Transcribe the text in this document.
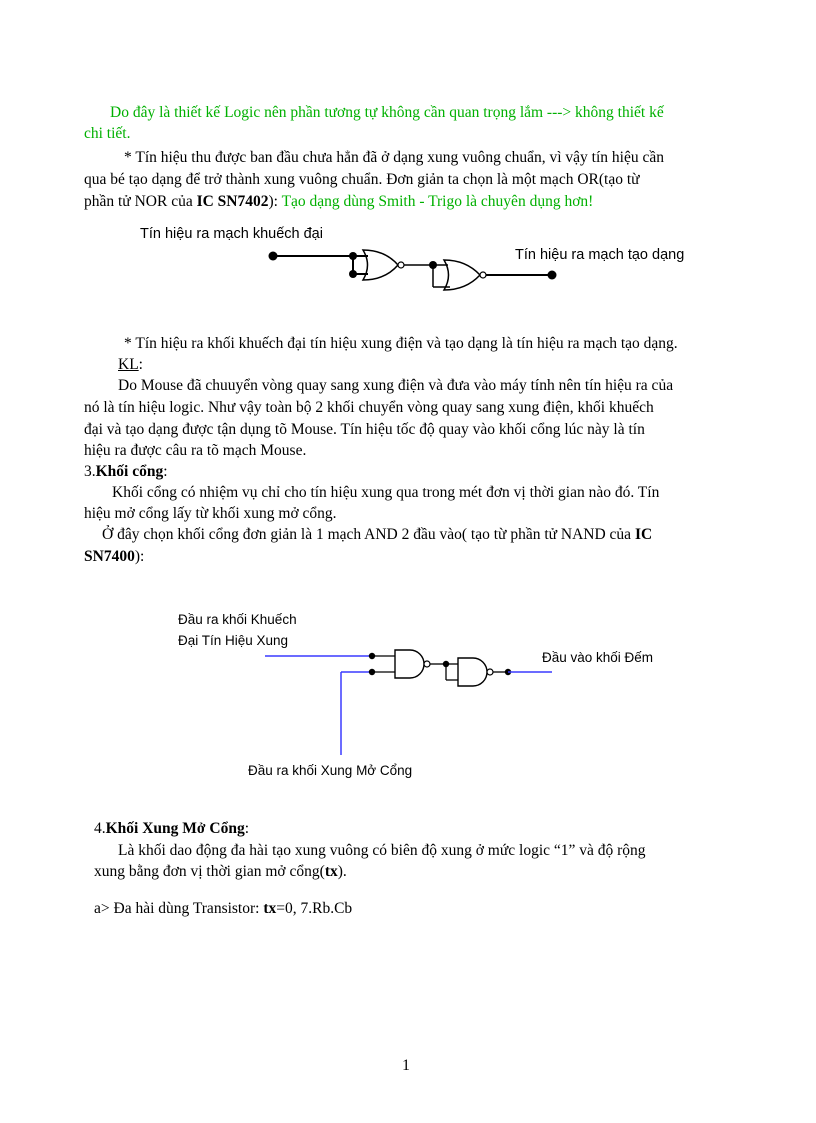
Do đây là thiết kế Logic nên phần tương tự không cần quan trọng lắm ---> không thiết kế
chi tiết.
* Tín hiệu thu được ban đầu chưa hẳn đã ở dạng xung vuông chuẩn, vì vậy tín hiệu cần
qua bé tạo dạng để trở thành xung vuông chuẩn. Đơn giản ta chọn là một mạch OR(tạo từ
phần tử NOR của IC SN7402): Tạo dạng dùng Smith - Trigo là chuyên dụng hơn!
Tín hiệu ra mạch khuếch đại
Tín hiệu ra mạch tạo dạng
* Tín hiệu ra khối khuếch đại tín hiệu xung điện và tạo dạng là tín hiệu ra mạch tạo dạng.
KL:
Do Mouse đã chuuyển vòng quay sang xung điện và đưa vào máy tính nên tín hiệu ra của
nó là tín hiệu logic. Như vậy toàn bộ 2 khối chuyển vòng quay sang xung điện, khối khuếch
đại và tạo dạng được tận dụng tõ Mouse. Tín hiệu tốc độ quay vào khối cổng lúc này là tín
hiệu ra được câu ra tõ mạch Mouse.
3.Khối cổng:
Khối cổng có nhiệm vụ chỉ cho tín hiệu xung qua trong mét đơn vị thời gian nào đó. Tín
hiệu mở cổng lấy từ khối xung mở cổng.
Ở đây chọn khối cổng đơn giản là 1 mạch AND 2 đầu vào( tạo từ phần tử NAND của IC
SN7400):
Đầu ra khối Khuếch
Đại Tín Hiệu Xung
Đầu vào khối Đếm
Đầu ra khối Xung Mở Cổng
4.Khối Xung Mở Cổng:
Là khối dao động đa hài tạo xung vuông có biên độ xung ở mức logic “1” và độ rộng
xung bằng đơn vị thời gian mở cổng(tx).
a> Đa hài dùng Transistor: tx=0, 7.Rb.Cb
1
